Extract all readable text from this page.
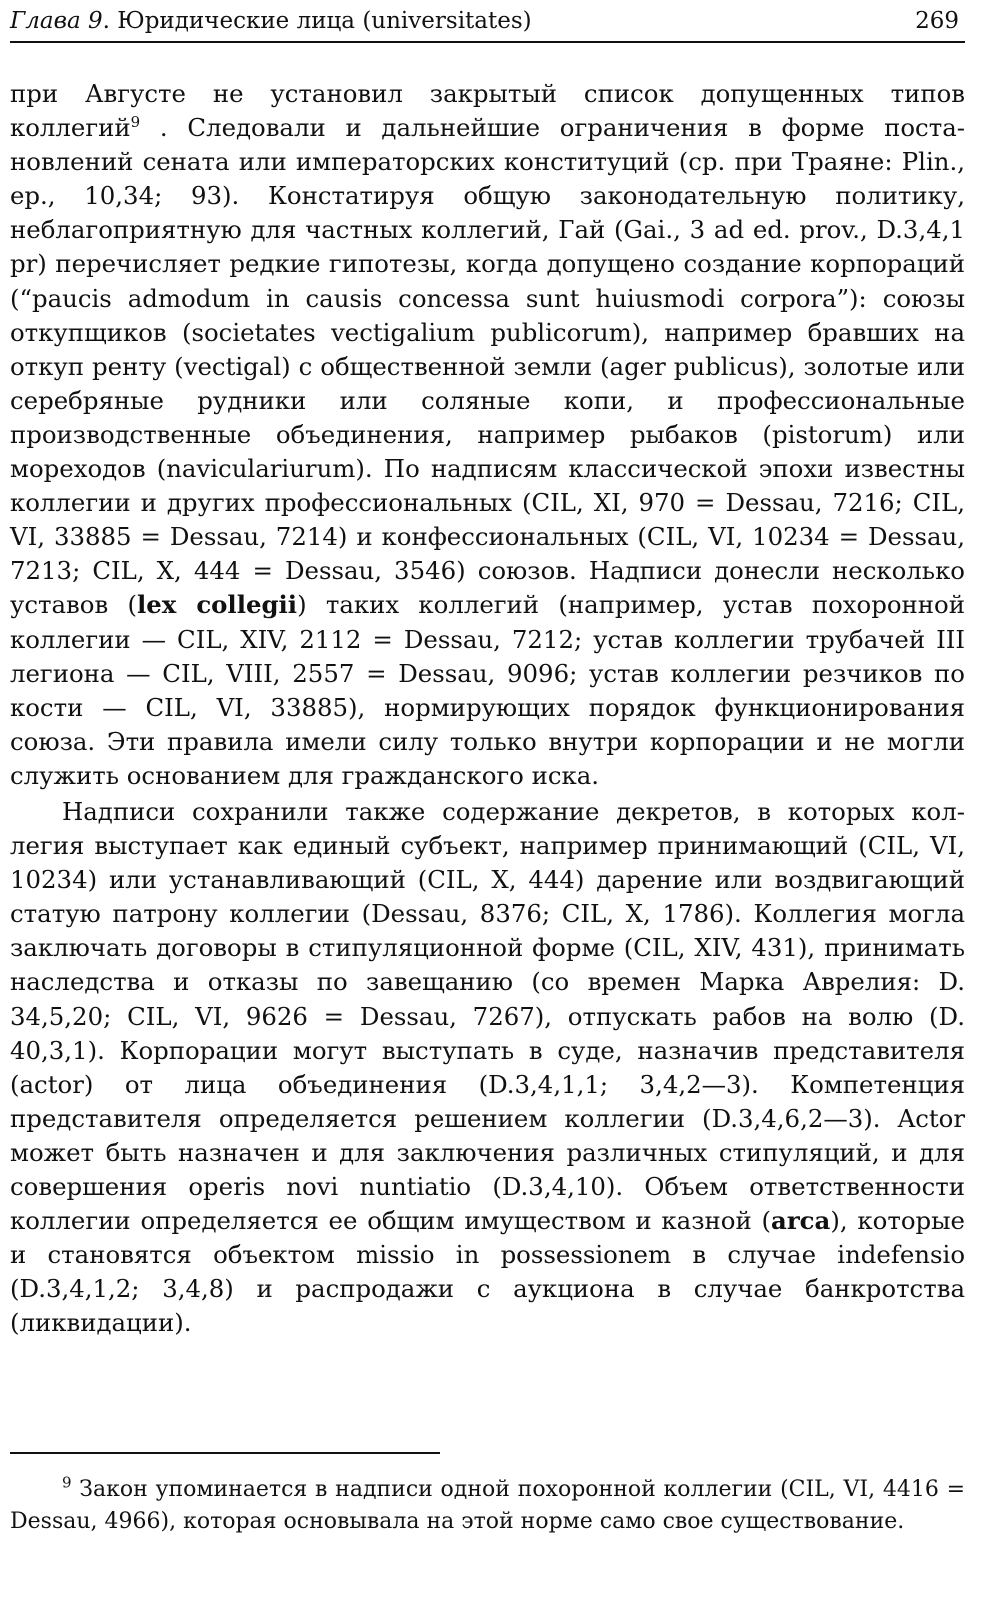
Глава 9. Юридические лица (universitates)	269

при Августе не установил закрытый список допущенных типов коллегий$^9$ . Следовали и дальнейшие ограничения в форме постановлений сената или императорских конституций (ср. при Траяне: Plin., ер., 10,34; 93). Констатируя общую законодательную политику, неблагоприятную для частных коллегий, Гай (Gai., 3 ad ed. prov., D.3,4,1 pr) перечисляет редкие гипотезы, когда допущено создание корпораций (“paucis admodum in causis concessa sunt huiusmodi corpora”): союзы откупщиков (societates vectigalium publicorum), например бравших на откуп ренту (vectigal) с общественной земли (ager publicus), золотые или серебряные рудники или соляные копи, и профессиональные производственные объединения, например рыбаков (pistorum) или мореходов (naviculariurum). По надписям классической эпохи известны коллегии и других профессиональных (CIL, XI, 970 = Dessau, 7216; CIL, VI, 33885 = Dessau, 7214) и конфессиональных (CIL, VI, 10234 = Dessau, 7213; CIL, X, 444 = Dessau, 3546) союзов. Надписи донесли несколько уставов (lex collegii) таких коллегий (например, устав похоронной коллегии — CIL, XIV, 2112 = Dessau, 7212; устав коллегии трубачей III легиона — CIL, VIII, 2557 = Dessau, 9096; устав коллегии резчиков по кости — CIL, VI, 33885), нормирующих порядок функционирования союза. Эти правила имели силу только внутри корпорации и не могли служить основанием для гражданского иска.

Надписи сохранили также содержание декретов, в которых коллегия выступает как единый субъект, например принимающий (CIL, VI, 10234) или устанавливающий (CIL, X, 444) дарение или воздвигающий статую патрону коллегии (Dessau, 8376; CIL, X, 1786). Коллегия могла заключать договоры в стипуляционной форме (CIL, XIV, 431), принимать наследства и отказы по завещанию (со времен Марка Аврелия: D. 34,5,20; CIL, VI, 9626 = Dessau, 7267), отпускать рабов на волю (D. 40,3,1). Корпорации могут выступать в суде, назначив представителя (actor) от лица объединения (D.3,4,1,1; 3,4,2—3). Компетенция представителя определяется решением коллегии (D.3,4,6,2—3). Actor может быть назначен и для заключения различных стипуляций, и для совершения operis novi nuntiatio (D.3,4,10). Объем ответственности коллегии определяется ее общим имуществом и казной (arca), которые и становятся объектом missio in possessionem в случае indefensio (D.3,4,1,2; 3,4,8) и распродажи с аукциона в случае банкротства (ликвидации).

$^9$ Закон упоминается в надписи одной похоронной коллегии (CIL, VI, 4416 = Dessau, 4966), которая основывала на этой норме само свое существование.
